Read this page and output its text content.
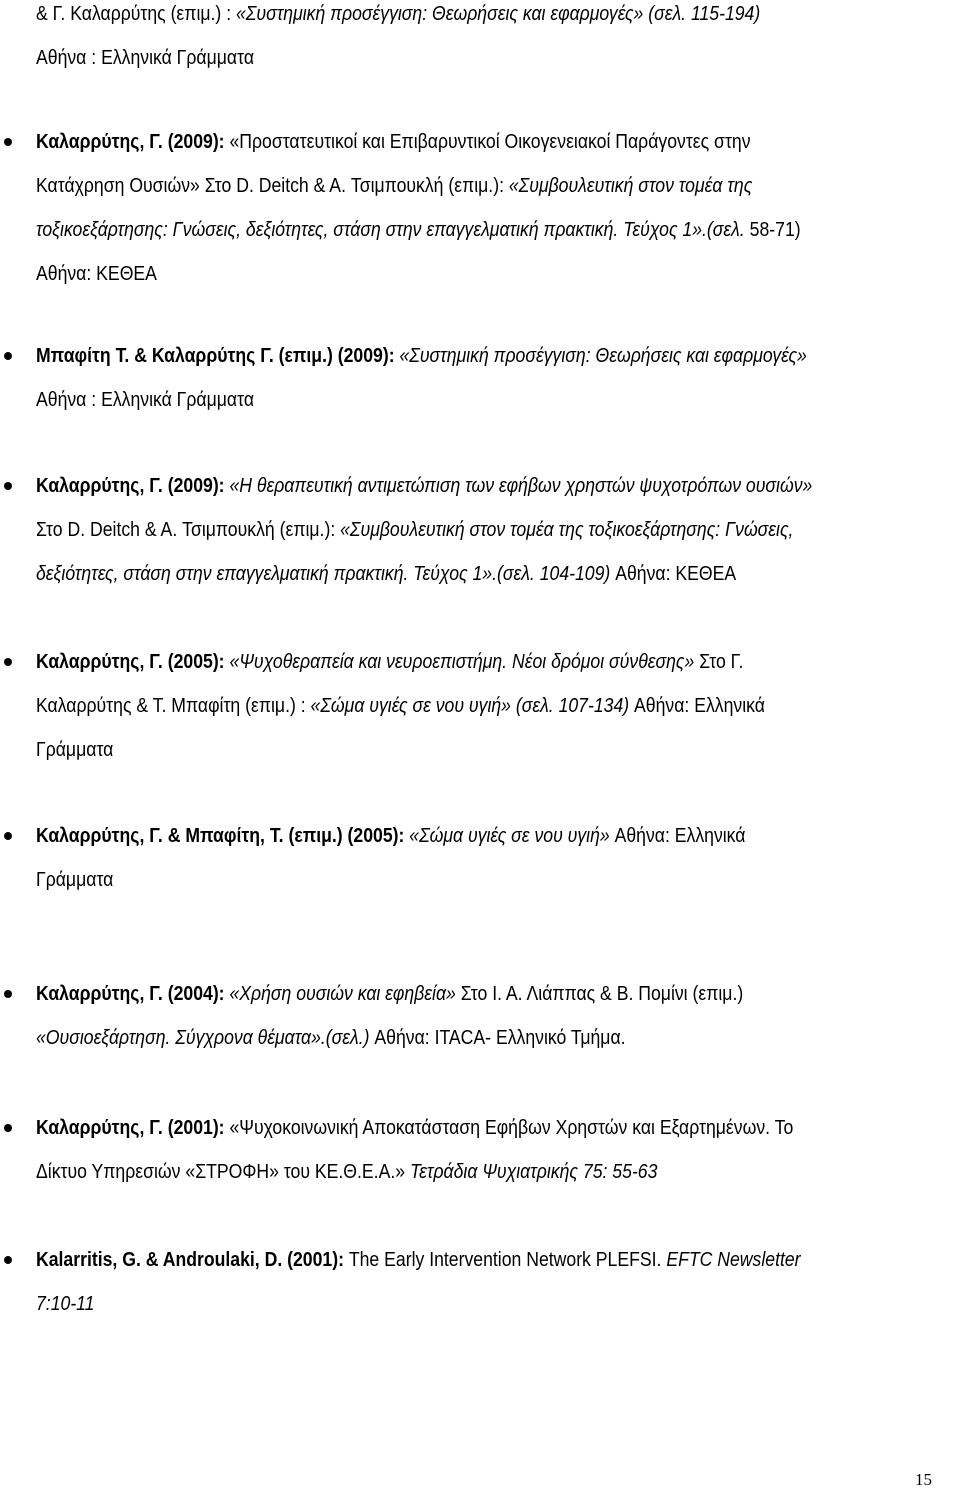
& Γ. Καλαρρύτης (επιμ.) : «Συστημική προσέγγιση: Θεωρήσεις και εφαρμογές» (σελ. 115-194)
Αθήνα : Ελληνικά Γράμματα
Καλαρρύτης, Γ. (2009): «Προστατευτικοί και Επιβαρυντικοί Οικογενειακοί Παράγοντες στην
Κατάχρηση Ουσιών» Στο D. Deitch & A. Τσιμπουκλή (επιμ.): «Συμβουλευτική στον τομέα της
τοξικοεξάρτησης: Γνώσεις, δεξιότητες, στάση στην επαγγελματική πρακτική. Τεύχος 1».(σελ. 58-71)
Αθήνα: ΚΕΘΕΑ
Μπαφίτη Τ. & Καλαρρύτης Γ. (επιμ.) (2009): «Συστημική προσέγγιση: Θεωρήσεις και εφαρμογές»
Αθήνα : Ελληνικά Γράμματα
Καλαρρύτης, Γ. (2009): «Η θεραπευτική αντιμετώπιση των εφήβων χρηστών ψυχοτρόπων ουσιών»
Στο D. Deitch & A. Τσιμπουκλή (επιμ.): «Συμβουλευτική στον τομέα της τοξικοεξάρτησης: Γνώσεις,
δεξιότητες, στάση στην επαγγελματική πρακτική. Τεύχος 1».(σελ. 104-109) Αθήνα: ΚΕΘΕΑ
Καλαρρύτης, Γ. (2005): «Ψυχοθεραπεία και νευροεπιστήμη. Νέοι δρόμοι σύνθεσης» Στο Γ.
Καλαρρύτης & Τ. Μπαφίτη (επιμ.) : «Σώμα υγιές σε νου υγιή» (σελ. 107-134) Αθήνα: Ελληνικά
Γράμματα
Καλαρρύτης, Γ. & Μπαφίτη, Τ. (επιμ.) (2005): «Σώμα υγιές σε νου υγιή» Αθήνα: Ελληνικά
Γράμματα
Καλαρρύτης, Γ. (2004): «Χρήση ουσιών και εφηβεία» Στο Ι. Α. Λιάππας & Β. Πομίνι (επιμ.)
«Ουσιοεξάρτηση. Σύγχρονα θέματα».(σελ.) Αθήνα: ITACA- Ελληνικό Τμήμα.
Καλαρρύτης, Γ. (2001): «Ψυχοκοινωνική Αποκατάσταση Εφήβων Χρηστών και Εξαρτημένων. Το
Δίκτυο Υπηρεσιών «ΣΤΡΟΦΗ» του ΚΕ.Θ.Ε.Α.» Τετράδια Ψυχιατρικής 75: 55-63
Kalarritis, G. & Androulaki, D. (2001): The Early Intervention Network PLEFSI. EFTC Newsletter
7:10-11
15
